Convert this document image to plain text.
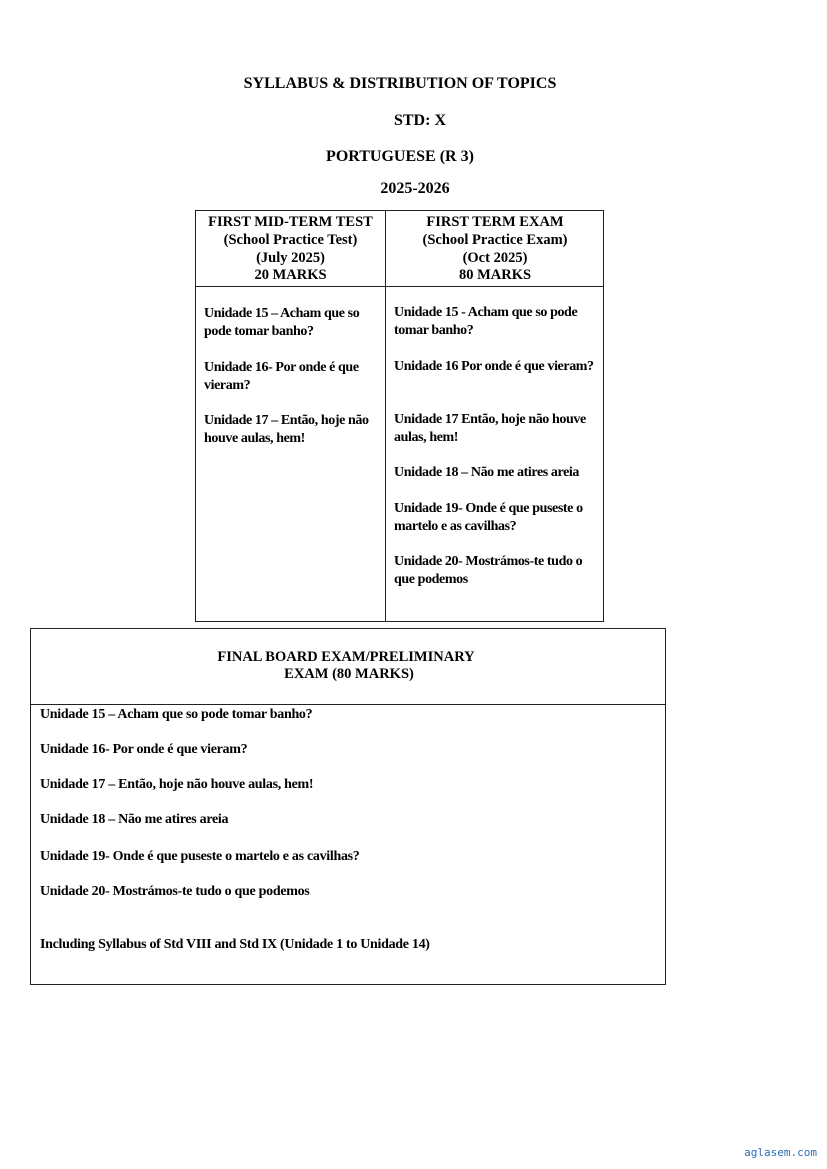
SYLLABUS & DISTRIBUTION OF TOPICS
STD: X
PORTUGUESE (R 3)
2025-2026
FIRST MID-TERM TEST
(School Practice Test)
(July 2025)
20 MARKS
FIRST TERM EXAM
(School Practice Exam)
(Oct 2025)
80 MARKS
Unidade 15 – Acham que so pode tomar banho?
Unidade 16- Por onde é que vieram?
Unidade 17 – Então, hoje não houve aulas, hem!
Unidade 15 - Acham que so pode tomar banho?
Unidade 16 Por onde é que vieram?
Unidade 17 Então, hoje não houve aulas, hem!
Unidade 18 – Não me atires areia
Unidade 19- Onde é que puseste o martelo e as cavilhas?
Unidade 20- Mostrámos-te tudo o que podemos
FINAL BOARD EXAM/PRELIMINARY
EXAM (80 MARKS)
Unidade 15 – Acham que so pode tomar banho?
Unidade 16- Por onde é que vieram?
Unidade 17 – Então, hoje não houve aulas, hem!
Unidade 18 – Não me atires areia
Unidade 19- Onde é que puseste o martelo e as cavilhas?
Unidade 20- Mostrámos-te tudo o que podemos
Including Syllabus of Std VIII and Std IX (Unidade 1 to Unidade 14)
aglasem.com
